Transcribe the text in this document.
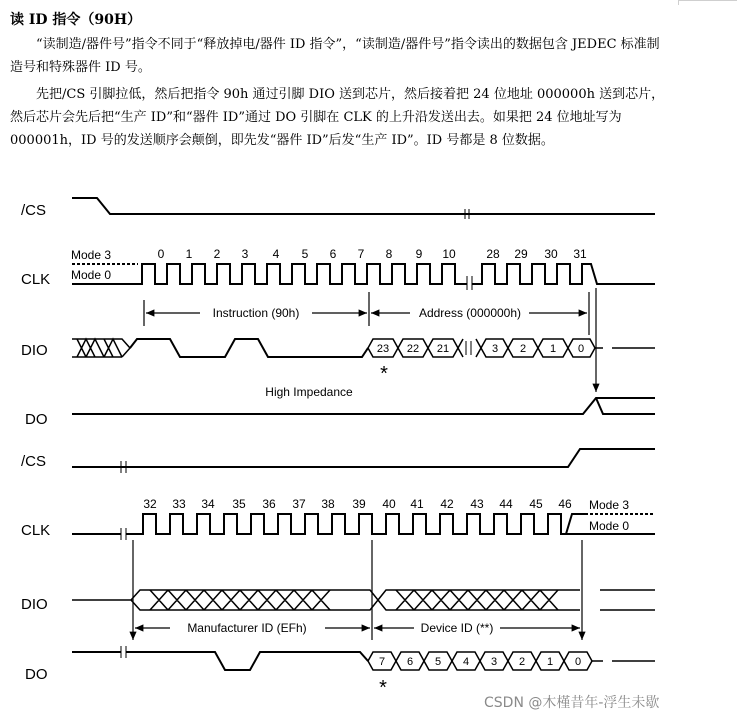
读 ID 指令（90H）

“读制造/器件号”指令不同于“释放掉电/器件 ID 指令”，“读制造/器件号”指令读出的数据包含 JEDEC 标准制造号和特殊器件 ID 号。

先把/CS 引脚拉低，然后把指令 90h 通过引脚 DIO 送到芯片，然后接着把 24 位地址 000000h 送到芯片，然后芯片会先后把“生产 ID”和“器件 ID”通过 DO 引脚在 CLK 的上升沿发送出去。如果把 24 位地址写为 000001h，ID 号的发送顺序会颠倒，即先发“器件 ID”后发“生产 ID”。ID 号都是 8 位数据。

/CS
CLK
DIO
DO
Mode 3
Mode 0
0 1 2 3 4 5 6 7 8 9 10	28 29 30 31
Instruction (90h)	Address (000000h)
23 22 21	3 2 1 0
*
High Impedance
/CS
CLK
DIO
DO
Mode 3
Mode 0
32 33 34 35 36 37 38 39 40 41 42 43 44 45 46
Manufacturer ID (EFh)	Device ID (**)
7 6 5 4 3 2 1 0
*
CSDN @木槿昔年-浮生未歇
